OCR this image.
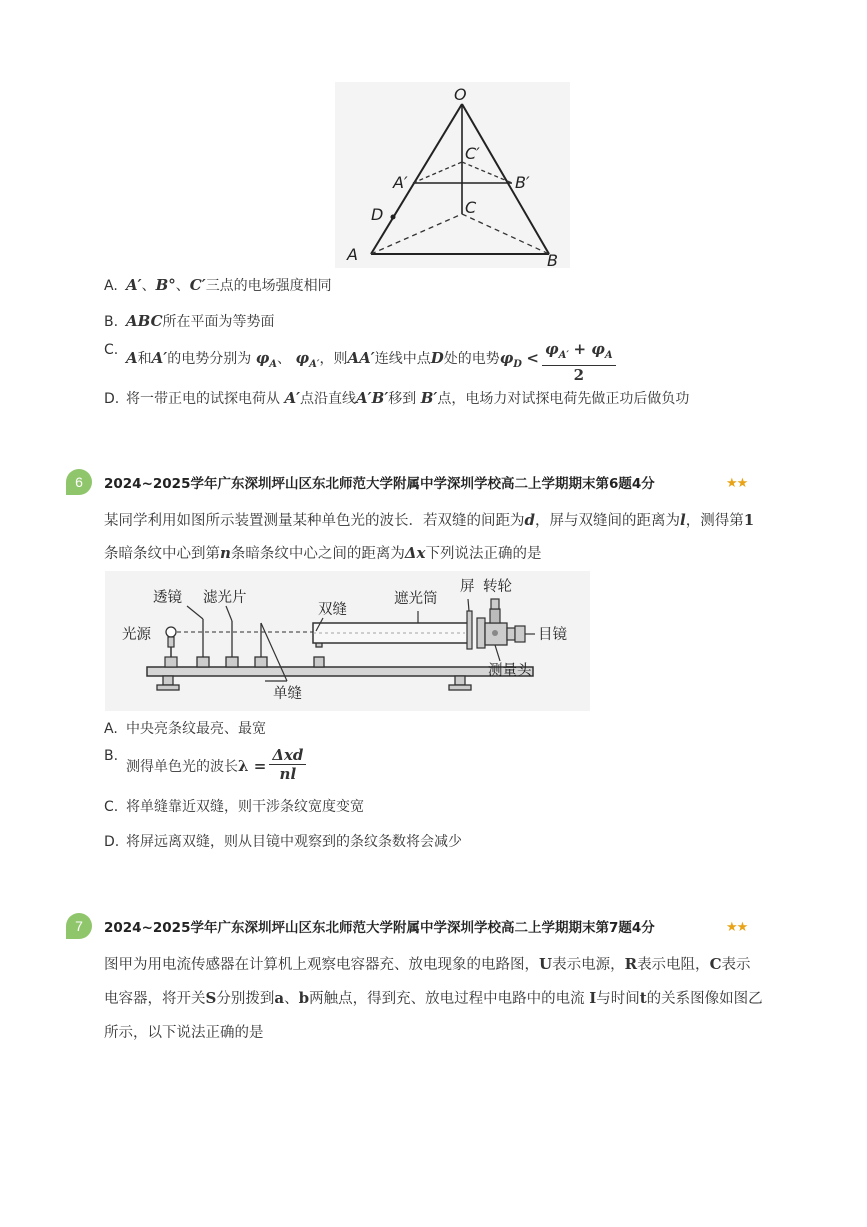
O
C′
A′	B′
C
D
A	B
A. A′、B°、C′三点的电场强度相同
B. ABC所在平面为等势面
C. A和A′的电势分别为 $\varphi_A$、 $\varphi_{A'}$，则AA′连线中点D处的电势$\varphi_D < \frac{\varphi_{A'} + \varphi_A}{2}$
D. 将一带正电的试探电荷从 A′点沿直线A′B′移到 B′点，电场力对试探电荷先做正功后做负功
6	2024~2025学年广东深圳坪山区东北师范大学附属中学深圳学校高二上学期期末第6题4分	★★
某同学利用如图所示装置测量某种单色光的波长．若双缝的间距为d，屏与双缝间的距离为l，测得第1
条暗条纹中心到第n条暗条纹中心之间的距离为Δx下列说法正确的是
光源
透镜 滤光片
单缝
双缝
遮光筒
屏 转轮
目镜
测量头
A. 中央亮条纹最亮、最宽
B.测得单色光的波长$\lambda = \frac{\text{Δxd}}{nl}$
C. 将单缝靠近双缝，则干涉条纹宽度变宽
D. 将屏远离双缝，则从目镜中观察到的条纹条数将会减少
7	2024~2025学年广东深圳坪山区东北师范大学附属中学深圳学校高二上学期期末第7题4分	★★
图甲为用电流传感器在计算机上观察电容器充、放电现象的电路图，U表示电源，R表示电阻，C表示
电容器，将开关S分别拨到a、b两触点，得到充、放电过程中电路中的电流 I与时间t的关系图像如图乙
所示，以下说法正确的是
